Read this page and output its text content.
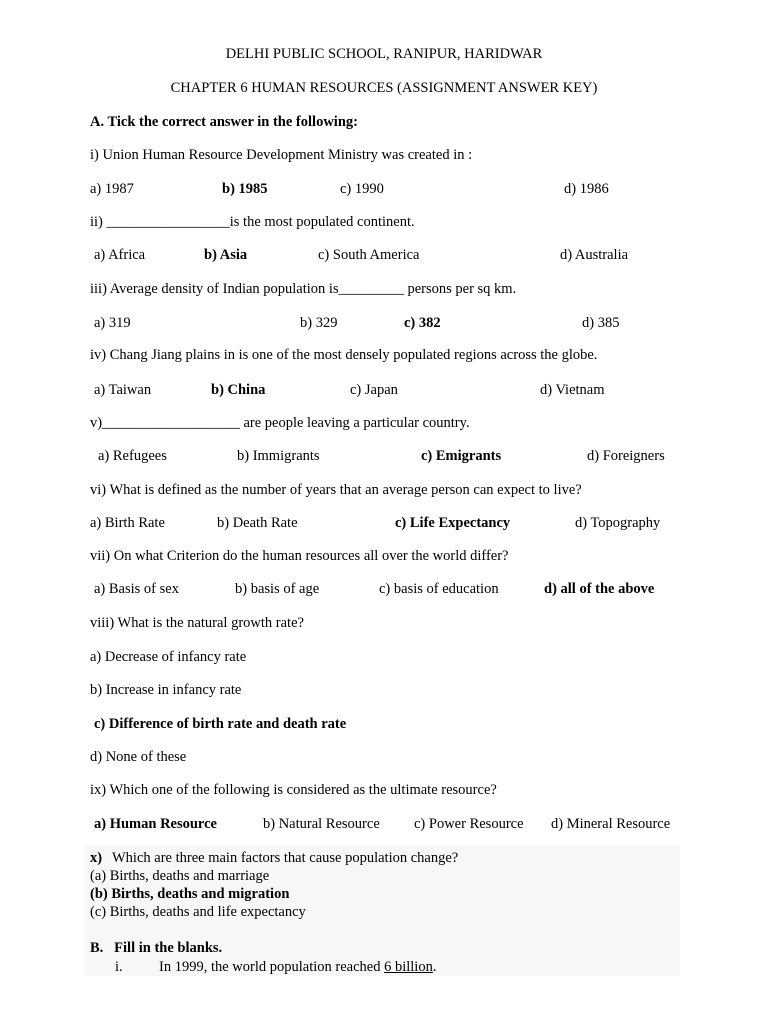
DELHI PUBLIC SCHOOL, RANIPUR, HARIDWAR
CHAPTER 6 HUMAN RESOURCES (ASSIGNMENT ANSWER KEY)
A. Tick the correct answer in the following:
i) Union Human Resource Development Ministry was created in :
a) 1987	b) 1985	c) 1990	d) 1986
ii) _________________is the most populated continent.
a) Africa	b) Asia	c) South America	d) Australia
iii) Average density of Indian population is_________ persons per sq km.
a) 319	b) 329	c) 382	d) 385
iv) Chang Jiang plains in is one of the most densely populated regions across the globe.
a) Taiwan	b) China	c) Japan	d) Vietnam
v)___________________ are people leaving a particular country.
a) Refugees	b) Immigrants	c) Emigrants	d) Foreigners
vi) What is defined as the number of years that an average person can expect to live?
a) Birth Rate	b) Death Rate	c) Life Expectancy	d) Topography
vii) On what Criterion do the human resources all over the world differ?
a) Basis of sex	b) basis of age	c) basis of education	d) all of the above
viii) What is the natural growth rate?
a) Decrease of infancy rate
b) Increase in infancy rate
c) Difference of birth rate and death rate
d) None of these
ix) Which one of the following is considered as the ultimate resource?
a) Human Resource	b) Natural Resource c) Power Resource d) Mineral Resource
x) Which are three main factors that cause population change?
(a) Births, deaths and marriage
(b) Births, deaths and migration
(c) Births, deaths and life expectancy
B.   Fill in the blanks.
i.	In 1999, the world population reached 6 billion.
